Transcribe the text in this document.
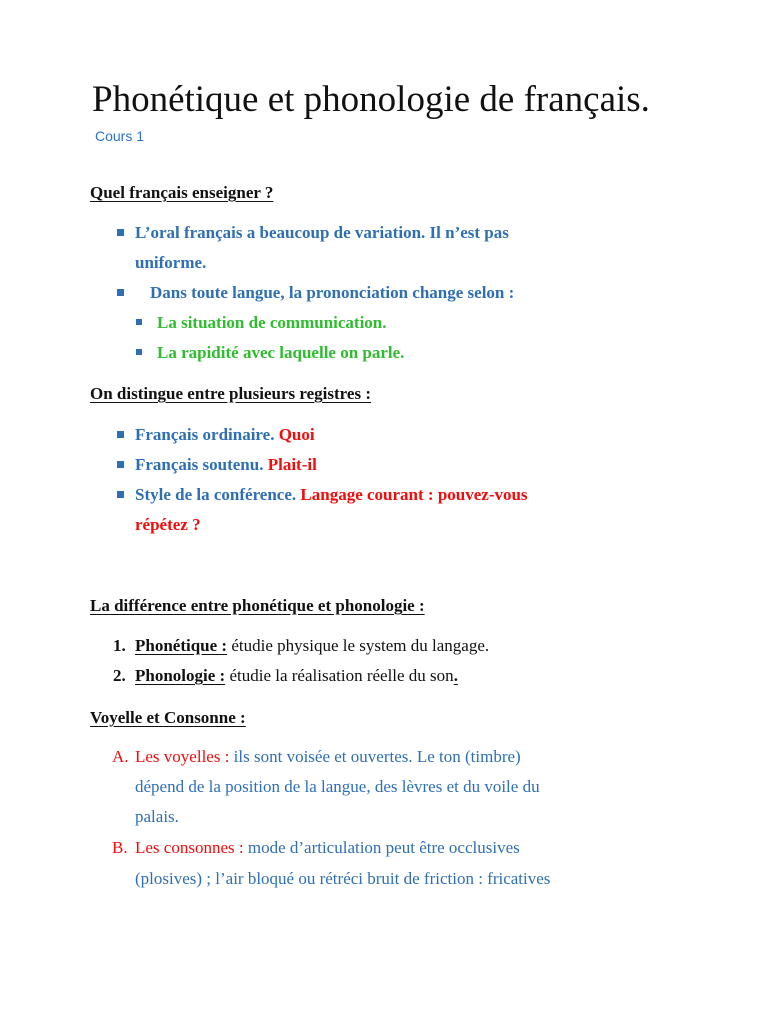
Phonétique et phonologie de français.
Cours 1
Quel français enseigner ?
L’oral français a beaucoup de variation. Il n’est pas
uniforme.
Dans toute langue, la prononciation change selon :
La situation de communication.
La rapidité avec laquelle on parle.
On distingue entre plusieurs registres :
Français ordinaire. Quoi
Français soutenu. Plait-il
Style de la conférence. Langage courant : pouvez-vous
répétez ?
La différence entre phonétique et phonologie :
1. Phonétique : étudie physique le system du langage.
2. Phonologie : étudie la réalisation réelle du son.
Voyelle et Consonne :
A. Les voyelles : ils sont voisée et ouvertes. Le ton (timbre)
dépend de la position de la langue, des lèvres et du voile du
palais.
B. Les consonnes : mode d’articulation peut être occlusives
(plosives) ; l’air bloqué ou rétréci bruit de friction : fricatives
